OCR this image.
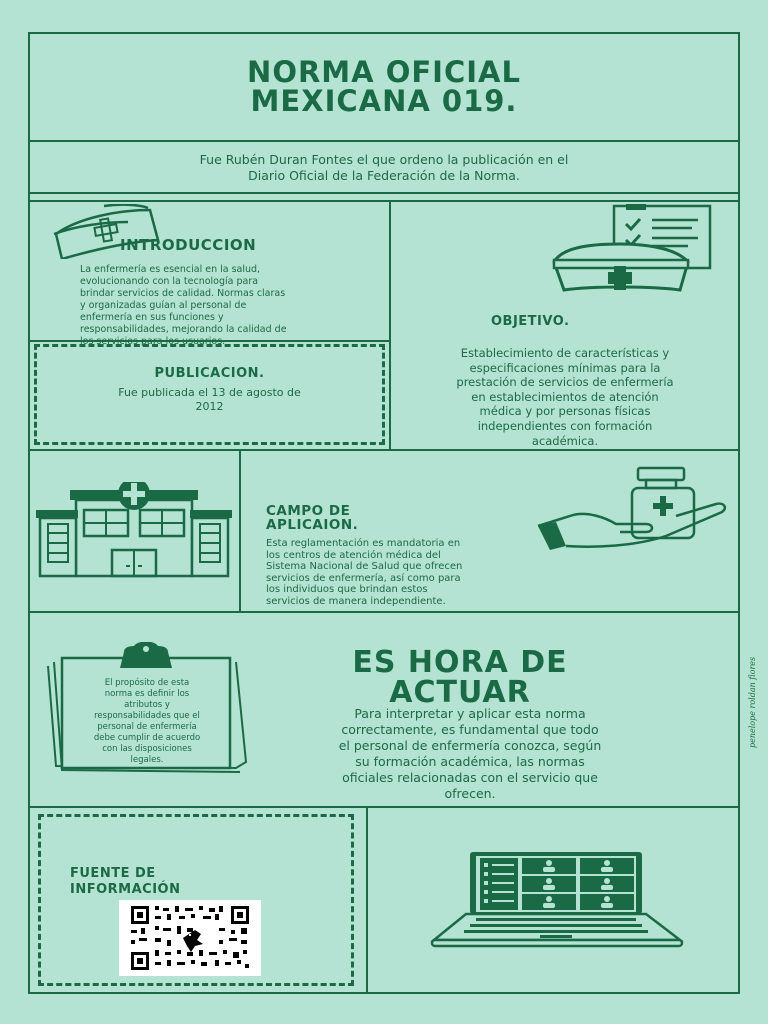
NORMA OFICIAL
MEXICANA 019.
Fue Rubén Duran Fontes el que ordeno la publicación en el
Diario Oficial de la Federación de la Norma.
INTRODUCCION
La enfermería es esencial en la salud,
evolucionando con la tecnología para
brindar servicios de calidad. Normas claras
y organizadas guían al personal de
enfermería en sus funciones y
responsabilidades, mejorando la calidad de
los servicios para los usuarios.
OBJETIVO.
Establecimiento de características y
especificaciones mínimas para la
prestación de servicios de enfermería
en establecimientos de atención
médica y por personas físicas
independientes con formación
académica.
PUBLICACION.
Fue publicada el 13 de agosto de
2012
CAMPO DE
APLICAION.
Esta reglamentación es mandatoria en
los centros de atención médica del
Sistema Nacional de Salud que ofrecen
servicios de enfermería, así como para
los individuos que brindan estos
servicios de manera independiente.
El propósito de esta
norma es definir los
atributos y
responsabilidades que el
personal de enfermería
debe cumplir de acuerdo
con las disposiciones
legales.
ES HORA DE
ACTUAR
Para interpretar y aplicar esta norma
correctamente, es fundamental que todo
el personal de enfermería conozca, según
su formación académica, las normas
oficiales relacionadas con el servicio que
ofrecen.
penelope roldan flores
FUENTE DE
INFORMACIÓN
